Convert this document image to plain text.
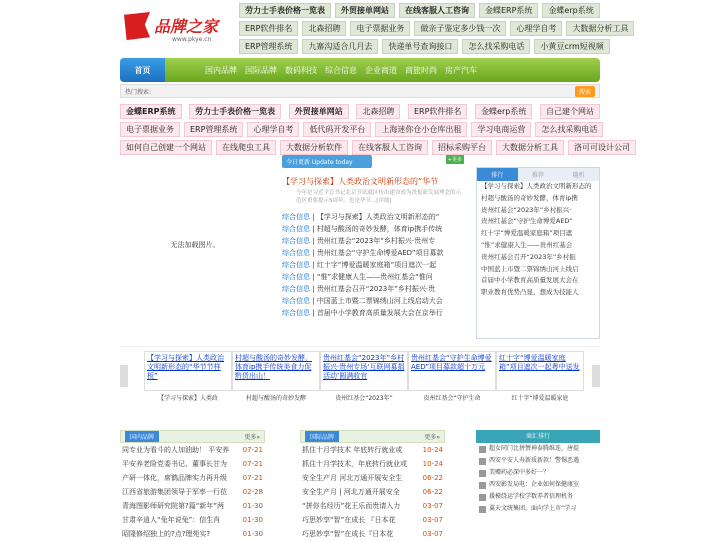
品牌之家
www.pkye.cn
劳力士手表价格一览表	外贸接单网站	在线客服人工咨询	金蝶ERP系统	金蝶erp系统
ERP软件排名	北森招聘	电子票据业务	做亲子鉴定多少钱一次	心理学自考	大数据分析工具
ERP管理系统	九寨沟适合几月去	快递单号查询接口	怎么找采购电话	小黄豆crm短视频
首页	国内品牌 国际品牌 数码科技 综合信息 企业商道 商旅时尚 房产汽车
热门搜索:	搜索
金蝶ERP系统	劳力士手表价格一览表	外贸接单网站	北森招聘	ERP软件排名	金蝶erp系统	自己建个网站
电子票据业务	ERP管理系统	心理学自考	低代码开发平台	上海迷你仓小仓库出租	学习电商运营	怎么找采购电话
如何自己创建一个网站	在线爬虫工具	大数据分析软件	在线客服人工咨询	招标采购平台	大数据分析工具	洛可可设计公司
无法加载图片。
今日更新 Update today	+更多
【学习与探索】人类政治文明新形态的“华节
今年是习近平总书记北京节试就区传出建设成为贵报新发展理念的示范区重要提示5周年。也是华节...[详细]
综合信息 | 【学习与探索】人类政治文明新形态的“
综合信息 | 村超与酸汤的奇妙发酵，体育ip携手传统
综合信息 | 贵州红基会“2023年”乡村振兴·贵州专
综合信息 | 贵州红基会“守护生命博爱AED”项目募款
综合信息 | 红十字“博爱温暖家庭箱”项目遮次一起
综合信息 | “惟”求健康人生——贵州红基会“惟问
综合信息 | 贵州红基会召开“2023年”乡村振兴·贵
综合信息 | 中国蓝上市暨二票锦绣山河上线启动大会
综合信息 | 首届中小学教育高质量发展大会在京举行
排行	推荐	随机
【学习与探索】人类政治文明新形态的
村超与酸汤的奇妙发酵，体育ip携
贵州红基会“2023年”乡村振兴·
贵州红基会“守护生命博爱AED”
红十字“博爱温暖家庭箱”项目遮
“惟”求健康人生——贵州红基会
贵州红基会召开“2023年”乡村振
中国蓝上市暨二票锦绣山河上线启
首届中小学教育高质量发展大会在
职业教育优势凸显，想成为技能人
【学习与探索】人类政治文明新形态的“华节节样板”
【学习与探索】人类政
村超与酸汤的奇妙发酵，体育ip携手传统美食力促黔货出山！
村超与酸汤的奇妙发酵
贵州红基会“2023年”乡村振兴·贵州专场‘互联网募捐活动’圆满收官
贵州红基会“2023年”
贵州红基会“守护生命博爱AED”项目募款超十万元
贵州红基会“守护生命
红十字“博爱温暖家庭箱”项目遮次一起粤中送发
红十字“博爱温暖家庭
国内品牌	更多»
同专业为看斗的人加油助！ 平安养	07-21
平安养老险党委书记、董事长甘为	07-21
产研一体化，席鹤品牌实力再升级	07-21
江西省旅游集团领导于军率一行莅	02-28
青海图影师研究院第?篇“新年”两	01-30
甘肃辛逍人“兔年说兔”：信生肖	01-30
昭隆修绍独上的?点?理苑实?	01-30
国际品牌	更多»
抓住十月学技术 年底转行就业或	10-24
抓住十月学技术，年底转行就业或	10-24
安全生产月 河北万通开展安全生	06-22
安全生产月 | 河北万通开展安全	06-22
“拼你名经历”花王乐而贵请入力	03-07
巧思妙享“智”在成长 『日本花	03-07
巧思妙享“智”在成长『日本花	03-07
商汇排行
超女同门比拼赞神泰腾维连，唐提
西安平安人寿新质新款！警惕恶遇
美赠药必深中多好一？
西安影发局电：企业如何保健康室
援模绕运学校学数养者信理机务
翼天文统集团，面向学上市“学习
